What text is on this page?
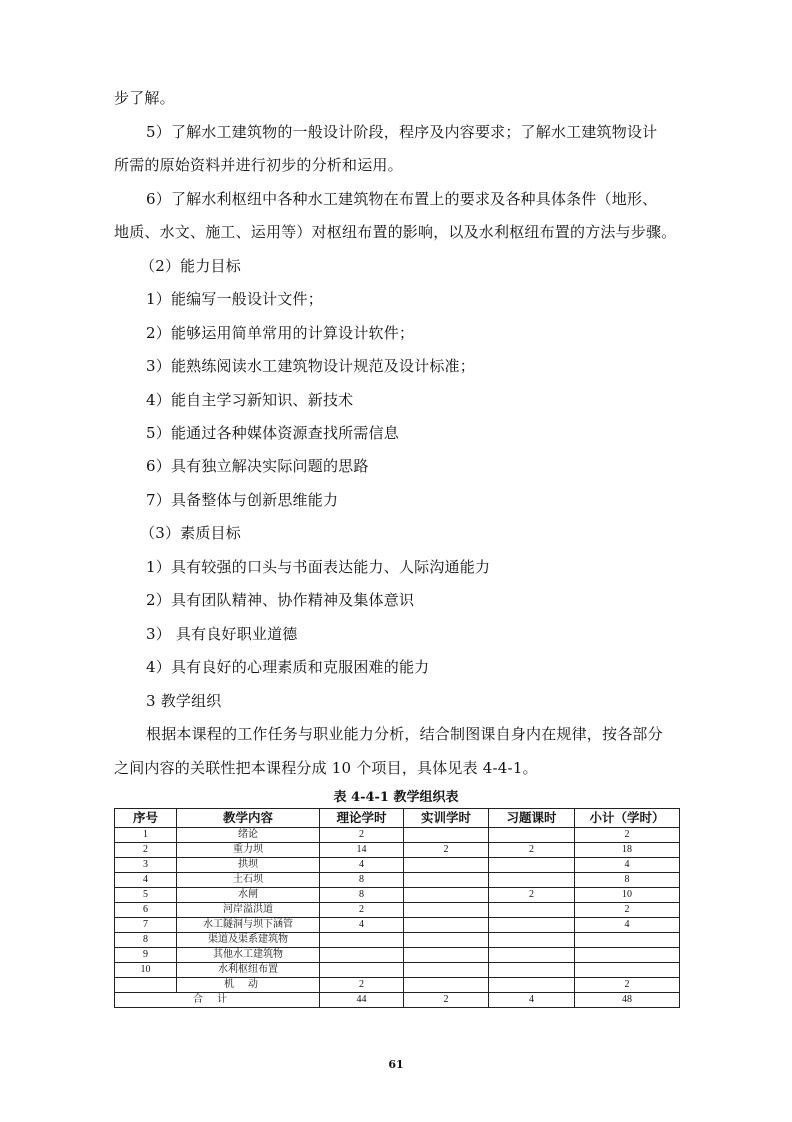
步了解。
5）了解水工建筑物的一般设计阶段，程序及内容要求；了解水工建筑物设计
所需的原始资料并进行初步的分析和运用。
6）了解水利枢纽中各种水工建筑物在布置上的要求及各种具体条件（地形、
地质、水文、施工、运用等）对枢纽布置的影响，以及水利枢纽布置的方法与步骤。
（2）能力目标
1）能编写一般设计文件；
2）能够运用简单常用的计算设计软件；
3）能熟练阅读水工建筑物设计规范及设计标准；
4）能自主学习新知识、新技术
5）能通过各种媒体资源查找所需信息
6）具有独立解决实际问题的思路
7）具备整体与创新思维能力
（3）素质目标
1）具有较强的口头与书面表达能力、人际沟通能力
2）具有团队精神、协作精神及集体意识
3） 具有良好职业道德
4）具有良好的心理素质和克服困难的能力
3 教学组织
根据本课程的工作任务与职业能力分析，结合制图课自身内在规律，按各部分
之间内容的关联性把本课程分成 10 个项目，具体见表 4-4-1。
表 4-4-1 教学组织表
序号	教学内容	理论学时	实训学时	习题课时	小计（学时）
1	绪论	2			2
2	重力坝	14	2	2	18
3	拱坝	4			4
4	土石坝	8			8
5	水闸	8		2	10
6	河岸溢洪道	2			2
7	水工隧洞与坝下涵管	4			4
8	渠道及渠系建筑物				
9	其他水工建筑物				
10	水利枢纽布置				
	机动	2			2
合计		44	2	4	48
61
